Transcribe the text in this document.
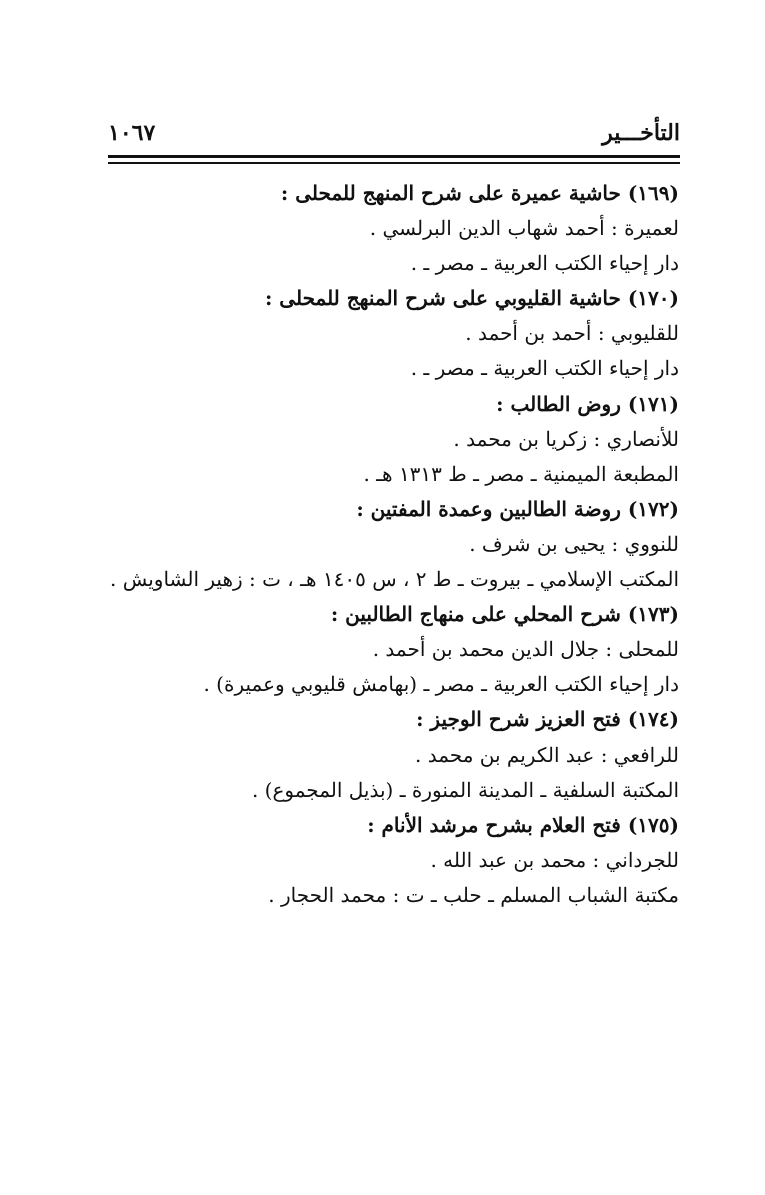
التأخـــير
١٠٦٧
(١٦٩) حاشية عميرة على شرح المنهج للمحلى :
لعميرة : أحمد شهاب الدين البرلسي .
دار إحياء الكتب العربية ـ مصر ـ .
(١٧٠) حاشية القليوبي على شرح المنهج للمحلى :
للقليوبي : أحمد بن أحمد .
دار إحياء الكتب العربية ـ مصر ـ .
(١٧١) روض الطالب :
للأنصاري : زكريا بن محمد .
المطبعة الميمنية ـ مصر ـ ط ١٣١٣ هـ .
(١٧٢) روضة الطالبين وعمدة المفتين :
للنووي : يحيى بن شرف .
المكتب الإسلامي ـ بيروت ـ ط ٢ ، س ١٤٠٥ هـ ، ت : زهير الشاويش .
(١٧٣) شرح المحلي على منهاج الطالبين :
للمحلى : جلال الدين محمد بن أحمد .
دار إحياء الكتب العربية ـ مصر ـ (بهامش قليوبي وعميرة) .
(١٧٤) فتح العزيز شرح الوجيز :
للرافعي : عبد الكريم بن محمد .
المكتبة السلفية ـ المدينة المنورة ـ (بذيل المجموع) .
(١٧٥) فتح العلام بشرح مرشد الأنام :
للجرداني : محمد بن عبد الله .
مكتبة الشباب المسلم ـ حلب ـ ت : محمد الحجار .
